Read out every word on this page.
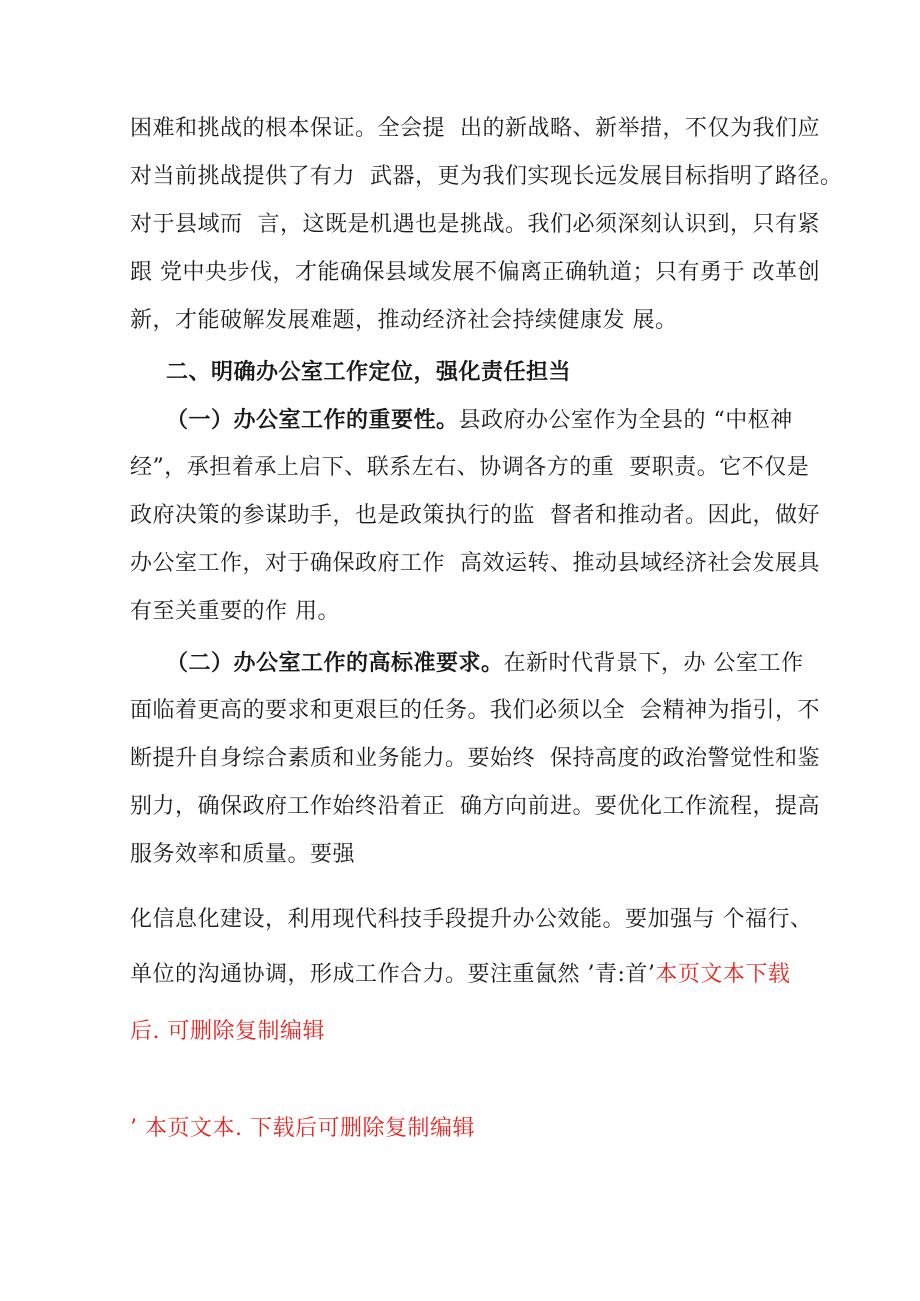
困难和挑战的根本保证。全会提  出的新战略、新举措，不仅为我们应
对当前挑战提供了有力  武器，更为我们实现长远发展目标指明了路径。
对于县域而  言，这既是机遇也是挑战。我们必须深刻认识到，只有紧
跟 党中央步伐，才能确保县域发展不偏离正确轨道；只有勇于 改革创
新，才能破解发展难题，推动经济社会持续健康发 展。
二、明确办公室工作定位，强化责任担当
（一）办公室工作的重要性。县政府办公室作为全县的 “中枢神
经”，承担着承上启下、联系左右、协调各方的重  要职责。它不仅是
政府决策的参谋助手，也是政策执行的监  督者和推动者。因此，做好
办公室工作，对于确保政府工作  高效运转、推动县域经济社会发展具
有至关重要的作 用。
（二）办公室工作的高标准要求。在新时代背景下，办 公室工作
面临着更高的要求和更艰巨的任务。我们必须以全  会精神为指引，不
断提升自身综合素质和业务能力。要始终  保持高度的政治警觉性和鉴
别力，确保政府工作始终沿着正  确方向前进。要优化工作流程，提高
服务效率和质量。要强
化信息化建设，利用现代科技手段提升办公效能。要加强与 个福行、
单位的沟通协调，形成工作合力。要注重氤然 ’青:首’本页文本下载
后. 可删除复制编辑
’ 本页文本. 下载后可删除复制编辑
